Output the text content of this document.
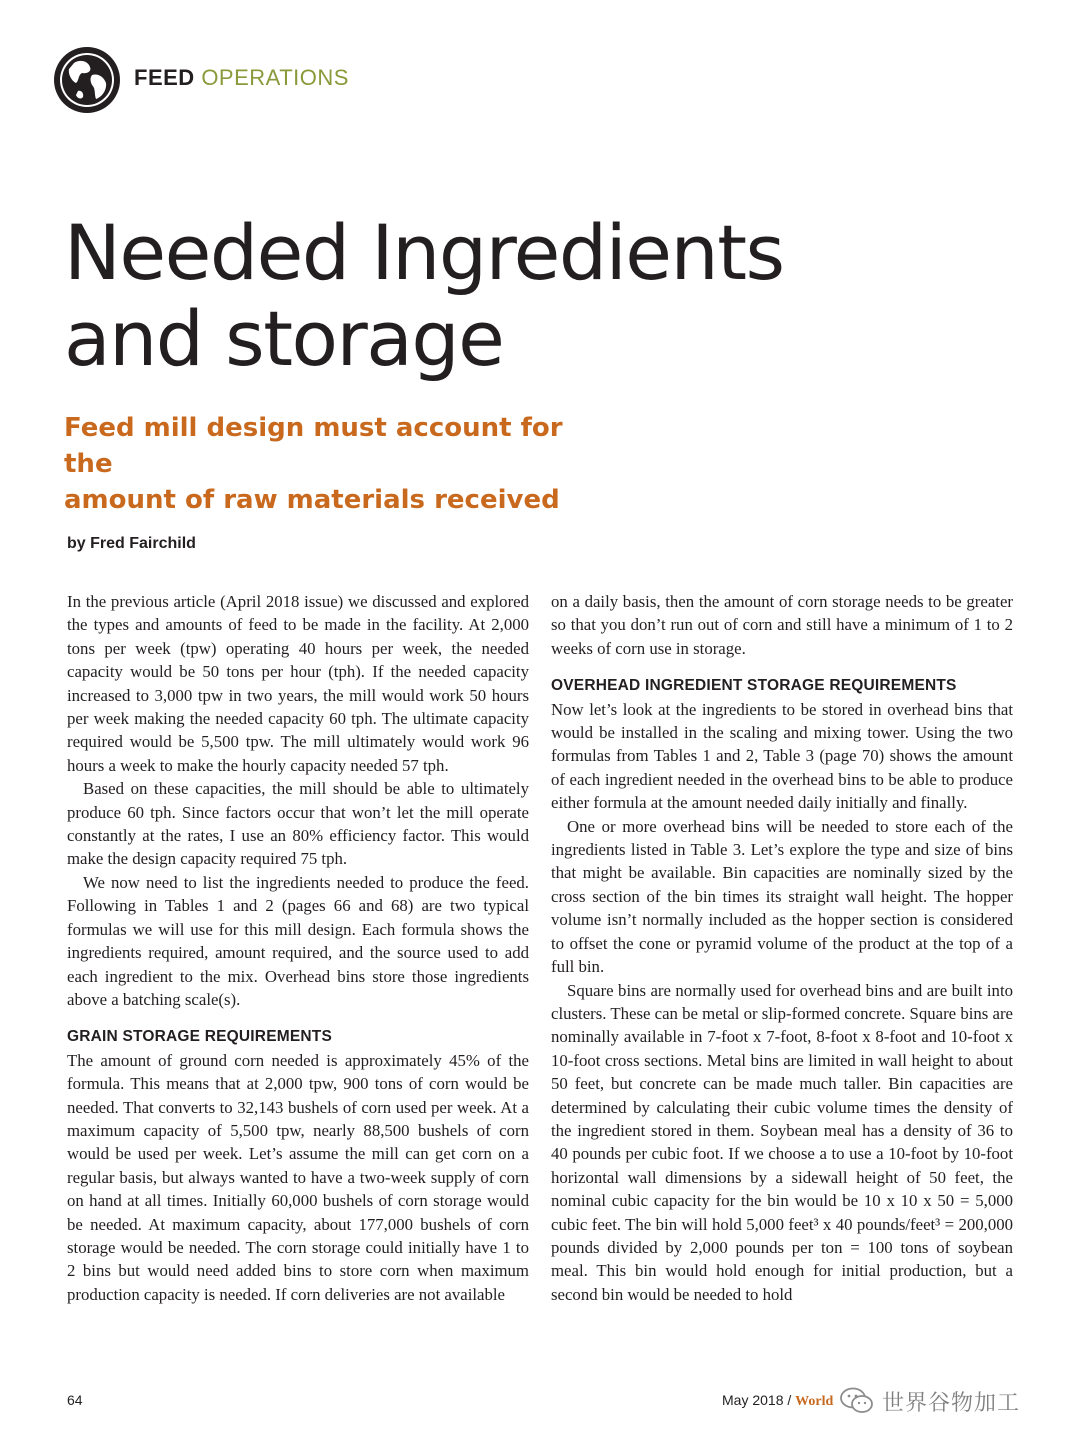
FEED OPERATIONS
Needed Ingredients
and storage
Feed mill design must account for the
amount of raw materials received
by Fred Fairchild

In the previous article (April 2018 issue) we discussed and explored the types and amounts of feed to be made in the facility. At 2,000 tons per week (tpw) operating 40 hours per week, the needed capacity would be 50 tons per hour (tph). If the needed capacity increased to 3,000 tpw in two years, the mill would work 50 hours per week making the needed capacity 60 tph. The ultimate capacity required would be 5,500 tpw. The mill ultimately would work 96 hours a week to make the hourly capacity needed 57 tph.

Based on these capacities, the mill should be able to ultimately produce 60 tph. Since factors occur that won’t let the mill operate constantly at the rates, I use an 80% efficiency factor. This would make the design capacity required 75 tph.

We now need to list the ingredients needed to produce the feed. Following in Tables 1 and 2 (pages 66 and 68) are two typical formulas we will use for this mill design. Each formula shows the ingredients required, amount required, and the source used to add each ingredient to the mix. Overhead bins store those ingredients above a batching scale(s).

GRAIN STORAGE REQUIREMENTS

The amount of ground corn needed is approximately 45% of the formula. This means that at 2,000 tpw, 900 tons of corn would be needed. That converts to 32,143 bushels of corn used per week. At a maximum capacity of 5,500 tpw, nearly 88,500 bushels of corn would be used per week. Let’s assume the mill can get corn on a regular basis, but always wanted to have a two-week supply of corn on hand at all times. Initially 60,000 bushels of corn storage would be needed. At maximum capacity, about 177,000 bushels of corn storage would be needed. The corn storage could initially have 1 to 2 bins but would need added bins to store corn when maximum production capacity is needed. If corn deliveries are not available

on a daily basis, then the amount of corn storage needs to be greater so that you don’t run out of corn and still have a minimum of 1 to 2 weeks of corn use in storage.

OVERHEAD INGREDIENT STORAGE REQUIREMENTS

Now let’s look at the ingredients to be stored in overhead bins that would be installed in the scaling and mixing tower. Using the two formulas from Tables 1 and 2, Table 3 (page 70) shows the amount of each ingredient needed in the overhead bins to be able to produce either formula at the amount needed daily initially and finally.

One or more overhead bins will be needed to store each of the ingredients listed in Table 3. Let’s explore the type and size of bins that might be available. Bin capacities are nominally sized by the cross section of the bin times its straight wall height. The hopper volume isn’t normally included as the hopper section is considered to offset the cone or pyramid volume of the product at the top of a full bin.

Square bins are normally used for overhead bins and are built into clusters. These can be metal or slip-formed concrete. Square bins are nominally available in 7-foot x 7-foot, 8-foot x 8-foot and 10-foot x 10-foot cross sections. Metal bins are limited in wall height to about 50 feet, but concrete can be made much taller. Bin capacities are determined by calculating their cubic volume times the density of the ingredient stored in them. Soybean meal has a density of 36 to 40 pounds per cubic foot. If we choose a to use a 10-foot by 10-foot horizontal wall dimensions by a sidewall height of 50 feet, the nominal cubic capacity for the bin would be 10 x 10 x 50 = 5,000 cubic feet. The bin will hold 5,000 feet³ x 40 pounds/feet³ = 200,000 pounds divided by 2,000 pounds per ton = 100 tons of soybean meal. This bin would hold enough for initial production, but a second bin would be needed to hold

64	May 2018 / World 世界谷物加工
